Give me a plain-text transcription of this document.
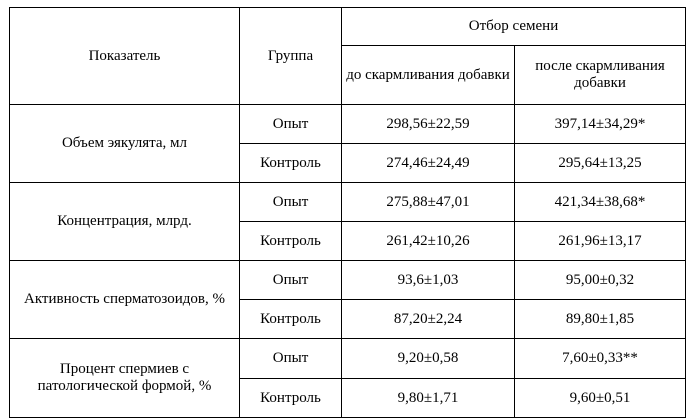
Показатель	Группа	Отбор семени	
		до скармливания добавки	после скармливания добавки
Объем эякулята, мл	Опыт	298,56±22,59	397,14±34,29*
	Контроль	274,46±24,49	295,64±13,25
Концентрация, млрд.	Опыт	275,88±47,01	421,34±38,68*
	Контроль	261,42±10,26	261,96±13,17
Активность сперматозоидов, %	Опыт	93,6±1,03	95,00±0,32
	Контроль	87,20±2,24	89,80±1,85
Процент спермиев с патологической формой, %	Опыт	9,20±0,58	7,60±0,33**
	Контроль	9,80±1,71	9,60±0,51
